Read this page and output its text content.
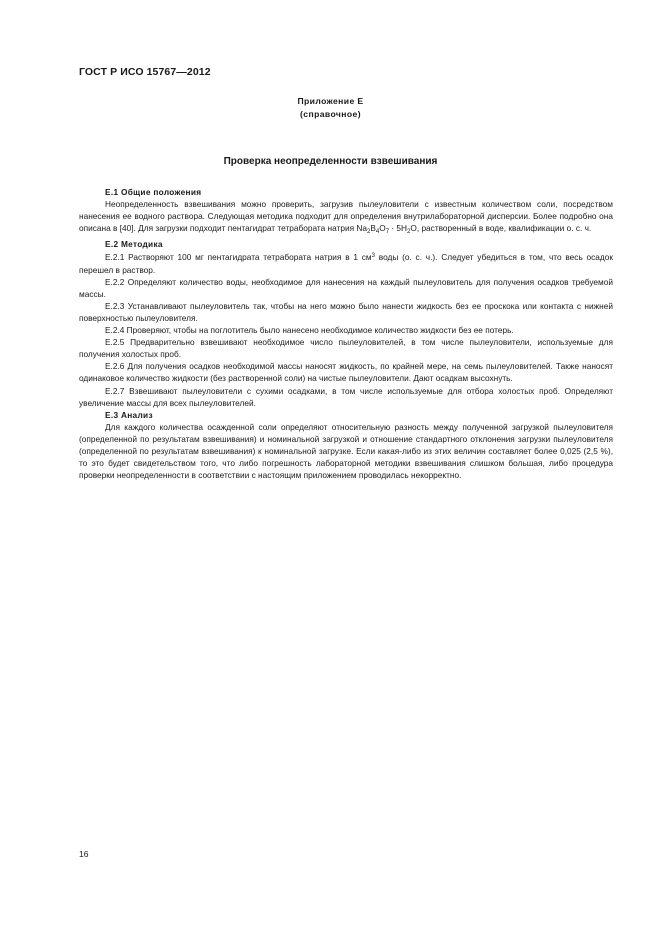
ГОСТ Р ИСО 15767—2012
Приложение Е
(справочное)
Проверка неопределенности взвешивания
Е.1 Общие положения

Неопределенность взвешивания можно проверить, загрузив пылеуловители с известным количеством соли, посредством нанесения ее водного раствора. Следующая методика подходит для определения внутрилабораторной дисперсии. Более подробно она описана в [40]. Для загрузки подходит пентагидрат тетрабората натрия $Na_2B_4O_7 \cdot 5H_2O$, растворенный в воде, квалификации о. с. ч.

Е.2 Методика

Е.2.1 Растворяют 100 мг пентагидрата тетрабората натрия в 1 $см^3$ воды (о. с. ч.). Следует убедиться в том, что весь осадок перешел в раствор.

Е.2.2 Определяют количество воды, необходимое для нанесения на каждый пылеуловитель для получения осадков требуемой массы.

Е.2.3 Устанавливают пылеуловитель так, чтобы на него можно было нанести жидкость без ее проскока или контакта с нижней поверхностью пылеуловителя.

Е.2.4 Проверяют, чтобы на поглотитель было нанесено необходимое количество жидкости без ее потерь.

Е.2.5 Предварительно взвешивают необходимое число пылеуловителей, в том числе пылеуловители, используемые для получения холостых проб.

Е.2.6 Для получения осадков необходимой массы наносят жидкость, по крайней мере, на семь пылеуловителей. Также наносят одинаковое количество жидкости (без растворенной соли) на чистые пылеуловители. Дают осадкам высохнуть.

Е.2.7 Взвешивают пылеуловители с сухими осадками, в том числе используемые для отбора холостых проб. Определяют увеличение массы для всех пылеуловителей.

Е.3 Анализ

Для каждого количества осажденной соли определяют относительную разность между полученной загрузкой пылеуловителя (определенной по результатам взвешивания) и номинальной загрузкой и отношение стандартного отклонения загрузки пылеуловителя (определенной по результатам взвешивания) к номинальной загрузке. Если какая-либо из этих величин составляет более 0,025 (2,5 %), то это будет свидетельством того, что либо погрешность лабораторной методики взвешивания слишком большая, либо процедура проверки неопределенности в соответствии с настоящим приложением проводилась некорректно.

16
